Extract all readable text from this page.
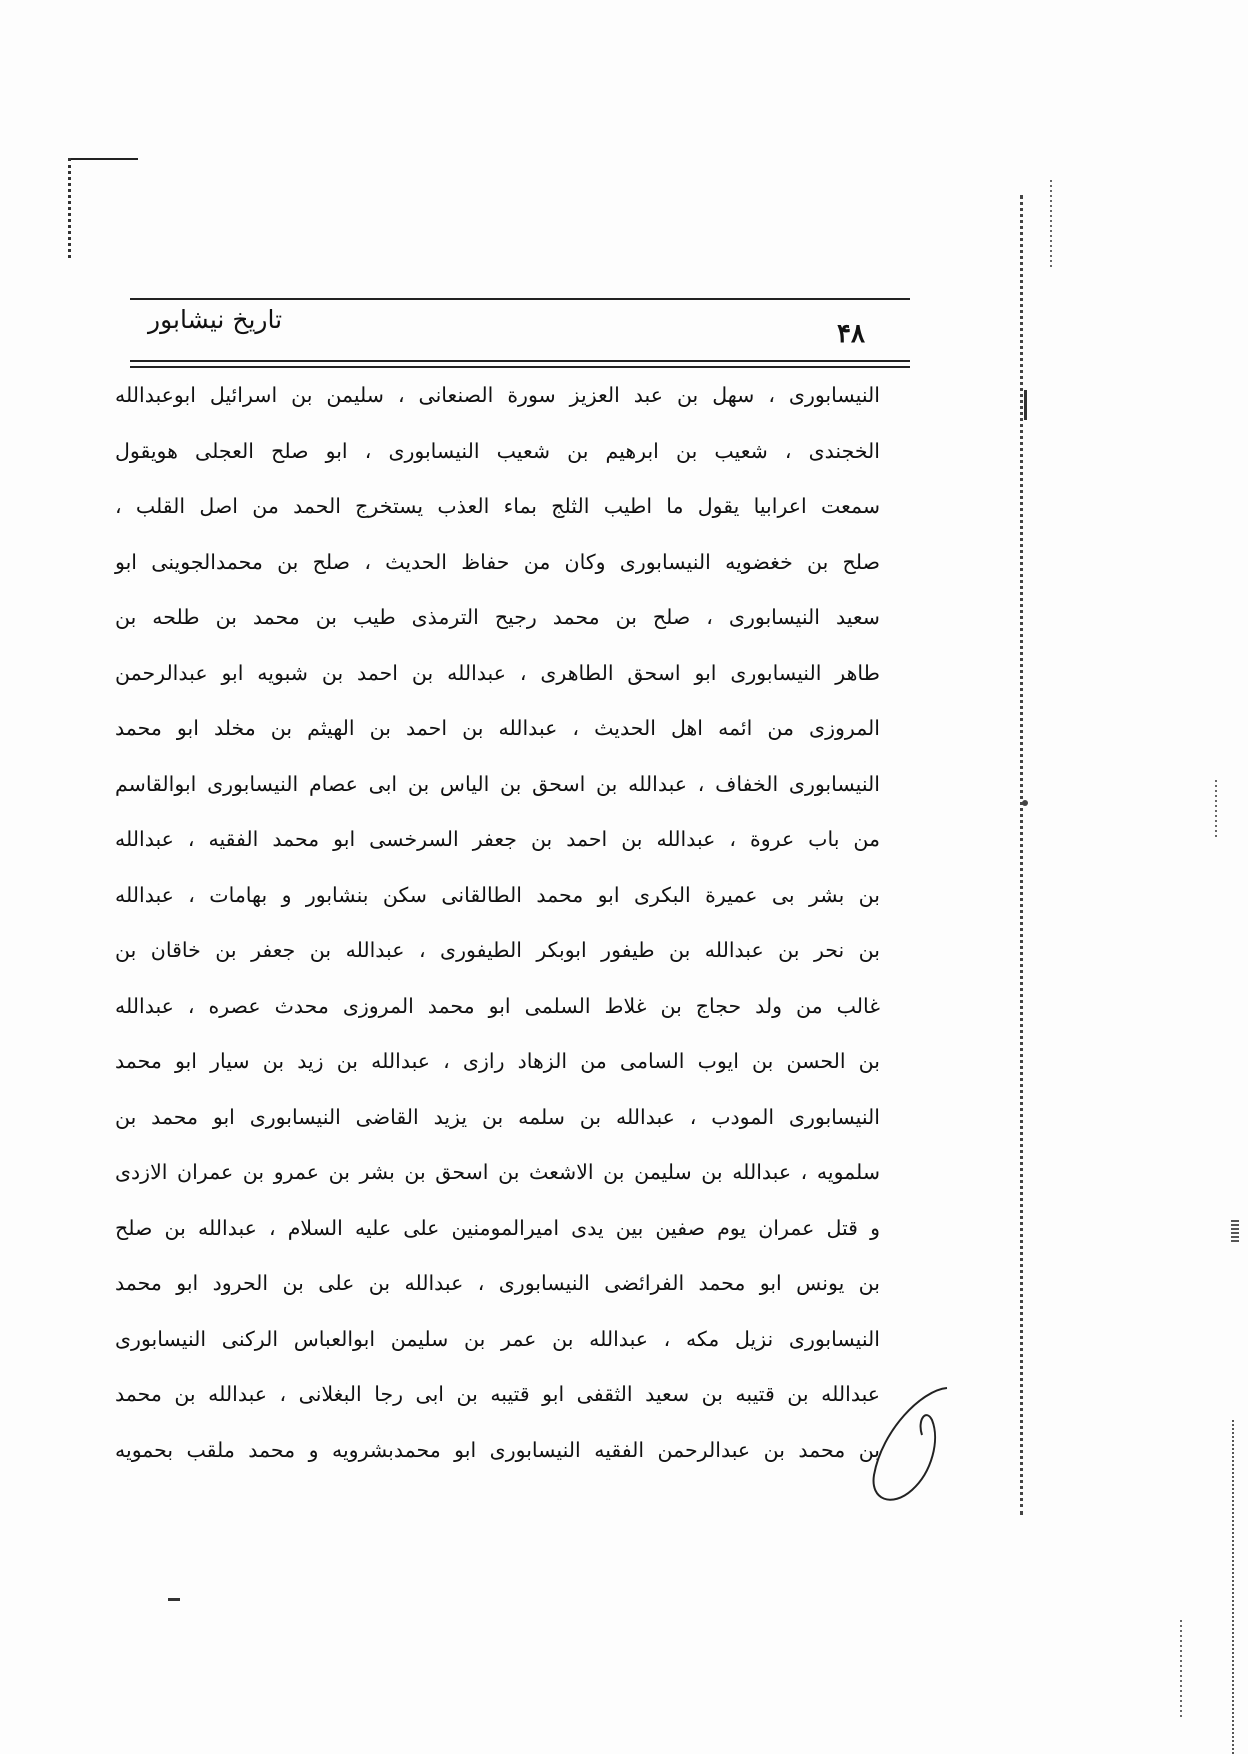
تاریخ نیشابور	۴۸
النیسابوری ، سهل بن عبد العزیز سورة الصنعانی ، سلیمن بن اسرائیل ابوعبدالله
الخجندی ، شعیب بن ابرهیم بن شعیب النیسابوری ، ابو صلح العجلی هویقول
سمعت اعرابیا یقول ما اطیب الثلج بماء العذب یستخرج الحمد من اصل القلب ،
صلح بن خغضویه النیسابوری وکان من حفاظ الحدیث ، صلح بن محمدالجوینی ابو
سعید النیسابوری ، صلح بن محمد رجیح الترمذی طیب بن محمد بن طلحه بن
طاهر النیسابوری ابو اسحق الطاهری ، عبدالله بن احمد بن شبویه ابو عبدالرحمن
المروزی من ائمه اهل الحدیث ، عبدالله بن احمد بن الهیثم بن مخلد ابو محمد
النیسابوری الخفاف ، عبدالله بن اسحق بن الیاس بن ابی عصام النیسابوری ابوالقاسم
من باب عروة ، عبدالله بن احمد بن جعفر السرخسی ابو محمد الفقیه ، عبدالله
بن بشر بی عمیرة البکری ابو محمد الطالقانی سکن بنشابور و بهامات ، عبدالله
بن نحر بن عبدالله بن طیفور ابوبکر الطیفوری ، عبدالله بن جعفر بن خاقان بن
غالب من ولد حجاج بن غلاط السلمی ابو محمد المروزی محدث عصره ، عبدالله
بن الحسن بن ایوب السامی من الزهاد رازی ، عبدالله بن زید بن سیار ابو محمد
النیسابوری المودب ، عبدالله بن سلمه بن یزید القاضی النیسابوری ابو محمد بن
سلمویه ، عبدالله بن سلیمن بن الاشعث بن اسحق بن بشر بن عمرو بن عمران الازدی
و قتل عمران یوم صفین بین یدی امیرالمومنین علی علیه السلام ، عبدالله بن صلح
بن یونس ابو محمد الفرائضی النیسابوری ، عبدالله بن علی بن الحرود ابو محمد
النیسابوری نزیل مکه ، عبدالله بن عمر بن سلیمن ابوالعباس الرکنی النیسابوری
عبدالله بن قتیبه بن سعید الثقفی ابو قتیبه بن ابی رجا البغلانی ، عبدالله بن محمد
بن محمد بن عبدالرحمن الفقیه النیسابوری ابو محمدبشرویه و محمد ملقب بحمویه
